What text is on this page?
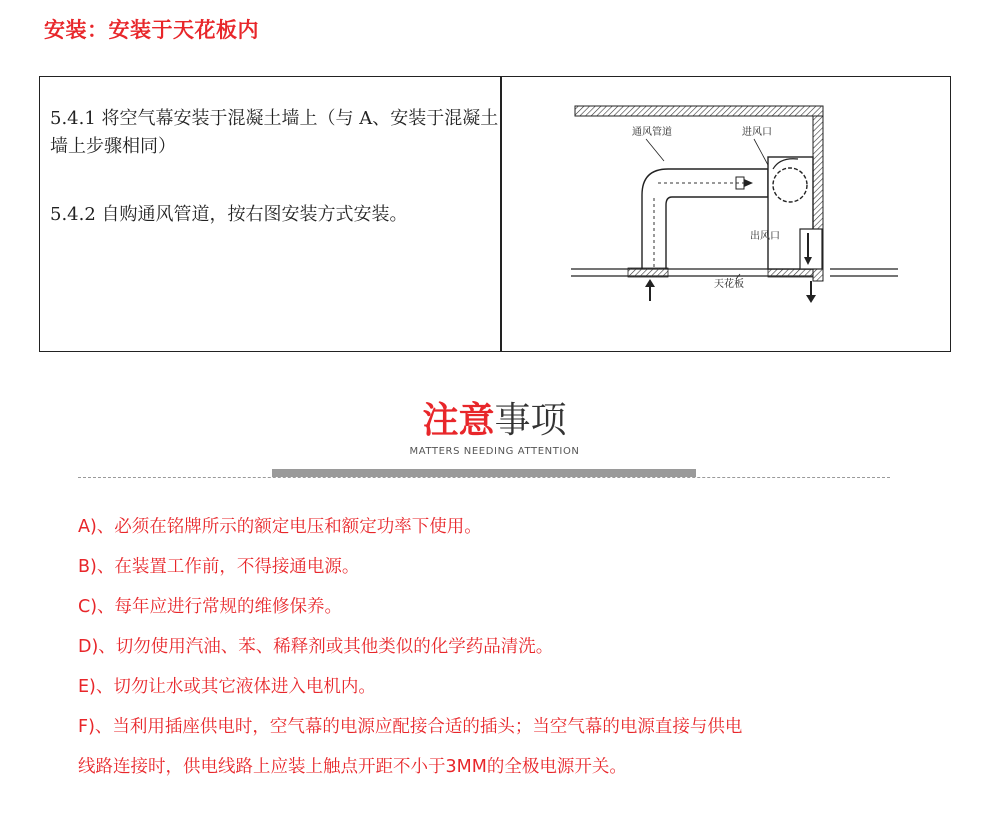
安装：安装于天花板内

5.4.1 将空气幕安装于混凝土墙上（与 A、安装于混凝土墙上步骤相同）

5.4.2 自购通风管道，按右图安装方式安装。

通风管道	进风口
出风口
天花板
注意事项
MATTERS NEEDING ATTENTION
A)、必须在铭牌所示的额定电压和额定功率下使用。
B)、在装置工作前，不得接通电源。
C)、每年应进行常规的维修保养。
D)、切勿使用汽油、苯、稀释剂或其他类似的化学药品清洗。
E)、切勿让水或其它液体进入电机内。
F)、当利用插座供电时，空气幕的电源应配接合适的插头；当空气幕的电源直接与供电
线路连接时，供电线路上应装上触点开距不小于3MM的全极电源开关。
